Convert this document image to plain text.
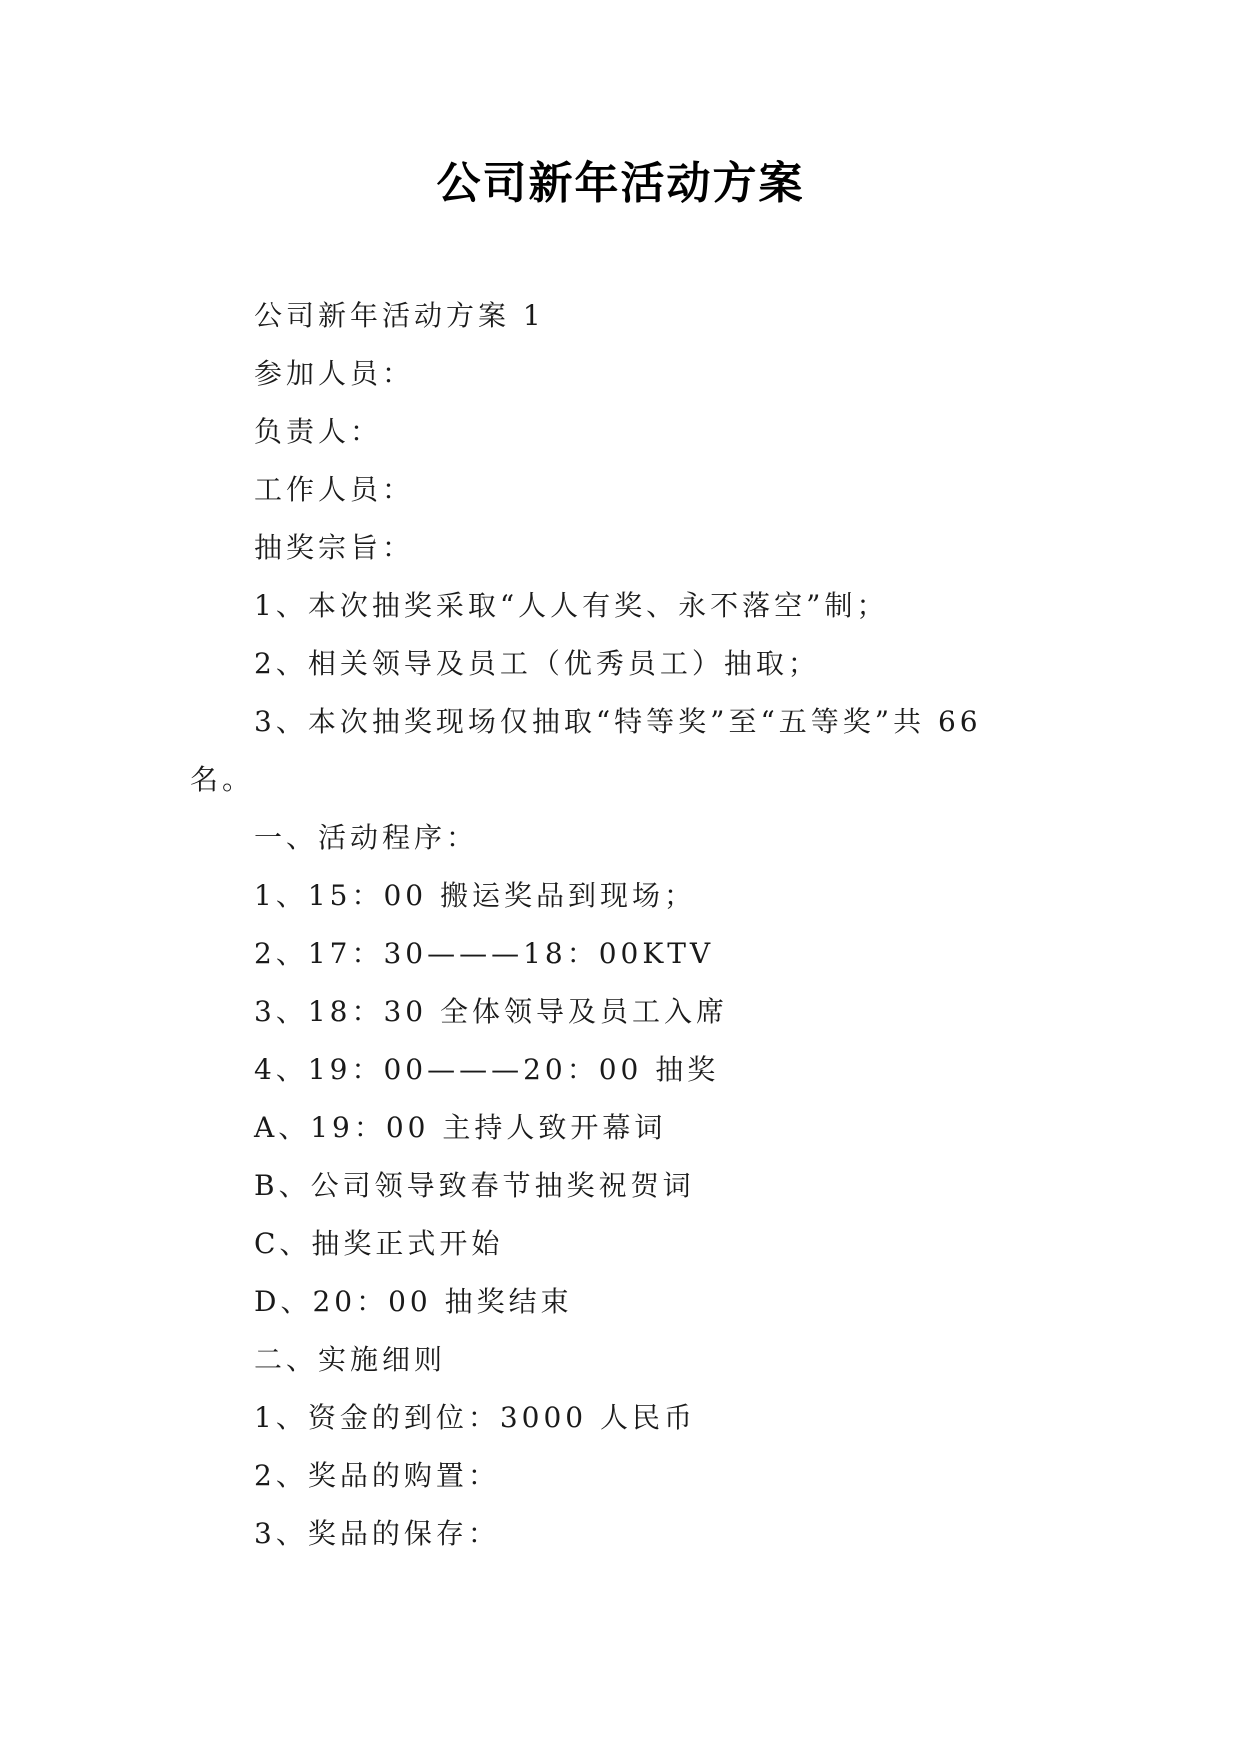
公司新年活动方案
公司新年活动方案 1
参加人员：
负责人：
工作人员：
抽奖宗旨：
1、本次抽奖采取“人人有奖、永不落空”制；
2、相关领导及员工（优秀员工）抽取；
3、本次抽奖现场仅抽取“特等奖”至“五等奖”共 66
名。
一、活动程序：
1、15：00 搬运奖品到现场；
2、17：30———18：00KTV
3、18：30 全体领导及员工入席
4、19：00———20：00 抽奖
A、19：00 主持人致开幕词
B、公司领导致春节抽奖祝贺词
C、抽奖正式开始
D、20：00 抽奖结束
二、实施细则
1、资金的到位：3000 人民币
2、奖品的购置：
3、奖品的保存：
